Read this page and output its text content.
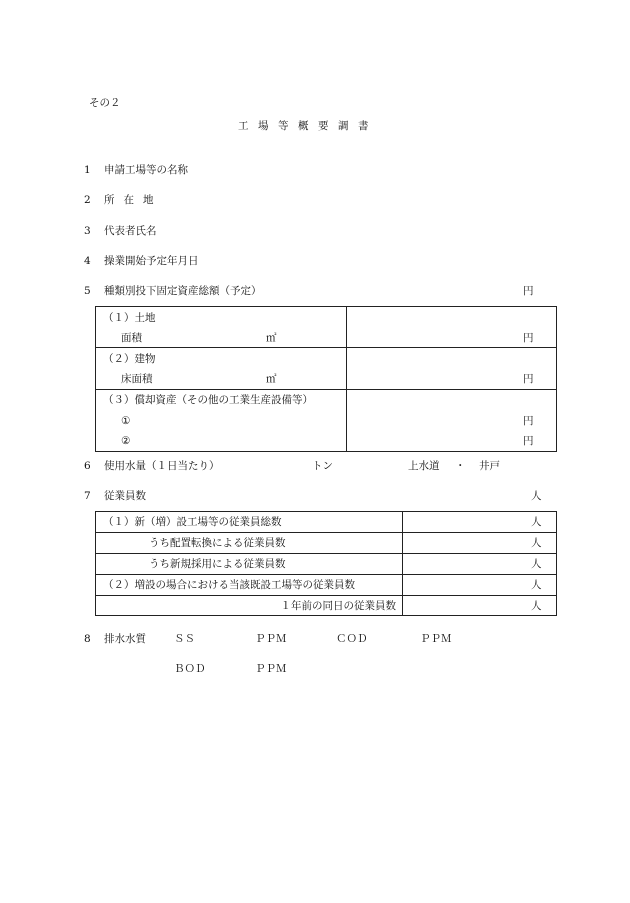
その２
工場等概要調書
1 申請工場等の名称
2 所在地
3 代表者氏名
4 操業開始予定年月日
5 種類別投下固定資産総額（予定）	円
（１）土地
面積	㎡	円
（２）建物
床面積	㎡	円
（３）償却資産（その他の工業生産設備等）
①	円
②	円
6 使用水量（１日当たり）	トン	上水道 ・ 井戸
7 従業員数	人
（１）新（増）設工場等の従業員総数	人
うち配置転換による従業員数	人
うち新規採用による従業員数	人
（２）増設の場合における当該既設工場等の従業員数	人
１年前の同日の従業員数	人
8 排水水質	ＳＳ	ＰＰＭ	ＣＯＤ	ＰＰＭ
ＢＯＤ	ＰＰＭ
